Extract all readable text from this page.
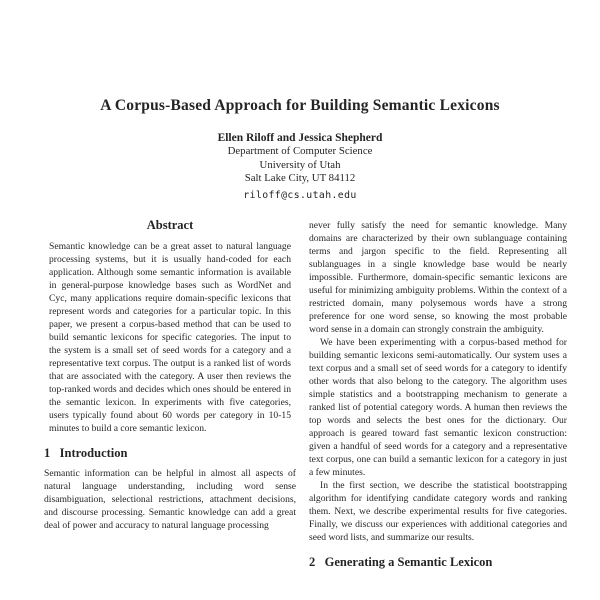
A Corpus-Based Approach for Building Semantic Lexicons
Ellen Riloff and Jessica Shepherd
Department of Computer Science
University of Utah
Salt Lake City, UT 84112
riloff@cs.utah.edu
Abstract

Semantic knowledge can be a great asset to natural language processing systems, but it is usually hand-coded for each application. Although some semantic information is available in general-purpose knowledge bases such as WordNet and Cyc, many applications require domain-specific lexicons that represent words and categories for a particular topic. In this paper, we present a corpus-based method that can be used to build semantic lexicons for specific categories. The input to the system is a small set of seed words for a category and a representative text corpus. The output is a ranked list of words that are associated with the category. A user then reviews the top-ranked words and decides which ones should be entered in the semantic lexicon. In experiments with five categories, users typically found about 60 words per category in 10-15 minutes to build a core semantic lexicon.

1   Introduction

Semantic information can be helpful in almost all aspects of natural language understanding, including word sense disambiguation, selectional restrictions, attachment decisions, and discourse processing. Semantic knowledge can add a great deal of power and accuracy to natural language processing

never fully satisfy the need for semantic knowledge. Many domains are characterized by their own sublanguage containing terms and jargon specific to the field. Representing all sublanguages in a single knowledge base would be nearly impossible. Furthermore, domain-specific semantic lexicons are useful for minimizing ambiguity problems. Within the context of a restricted domain, many polysemous words have a strong preference for one word sense, so knowing the most probable word sense in a domain can strongly constrain the ambiguity.

We have been experimenting with a corpus-based method for building semantic lexicons semi-automatically. Our system uses a text corpus and a small set of seed words for a category to identify other words that also belong to the category. The algorithm uses simple statistics and a bootstrapping mechanism to generate a ranked list of potential category words. A human then reviews the top words and selects the best ones for the dictionary. Our approach is geared toward fast semantic lexicon construction: given a handful of seed words for a category and a representative text corpus, one can build a semantic lexicon for a category in just a few minutes.

In the first section, we describe the statistical bootstrapping algorithm for identifying candidate category words and ranking them. Next, we describe experimental results for five categories. Finally, we discuss our experiences with additional categories and seed word lists, and summarize our results.

2   Generating a Semantic Lexicon
